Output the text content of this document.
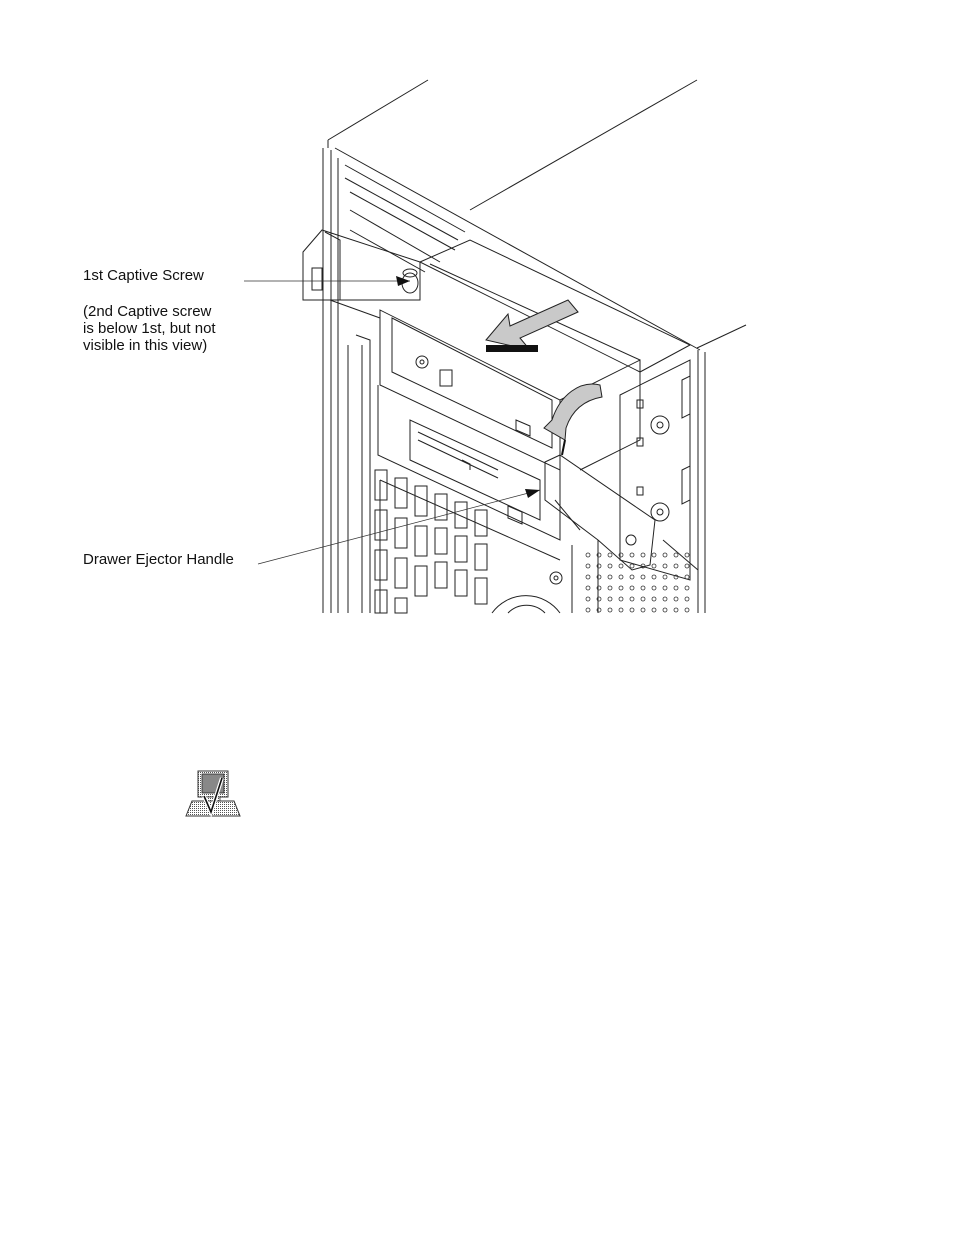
1st Captive Screw
(2nd Captive screw
is below 1st, but not
visible in this view)
Drawer Ejector Handle
